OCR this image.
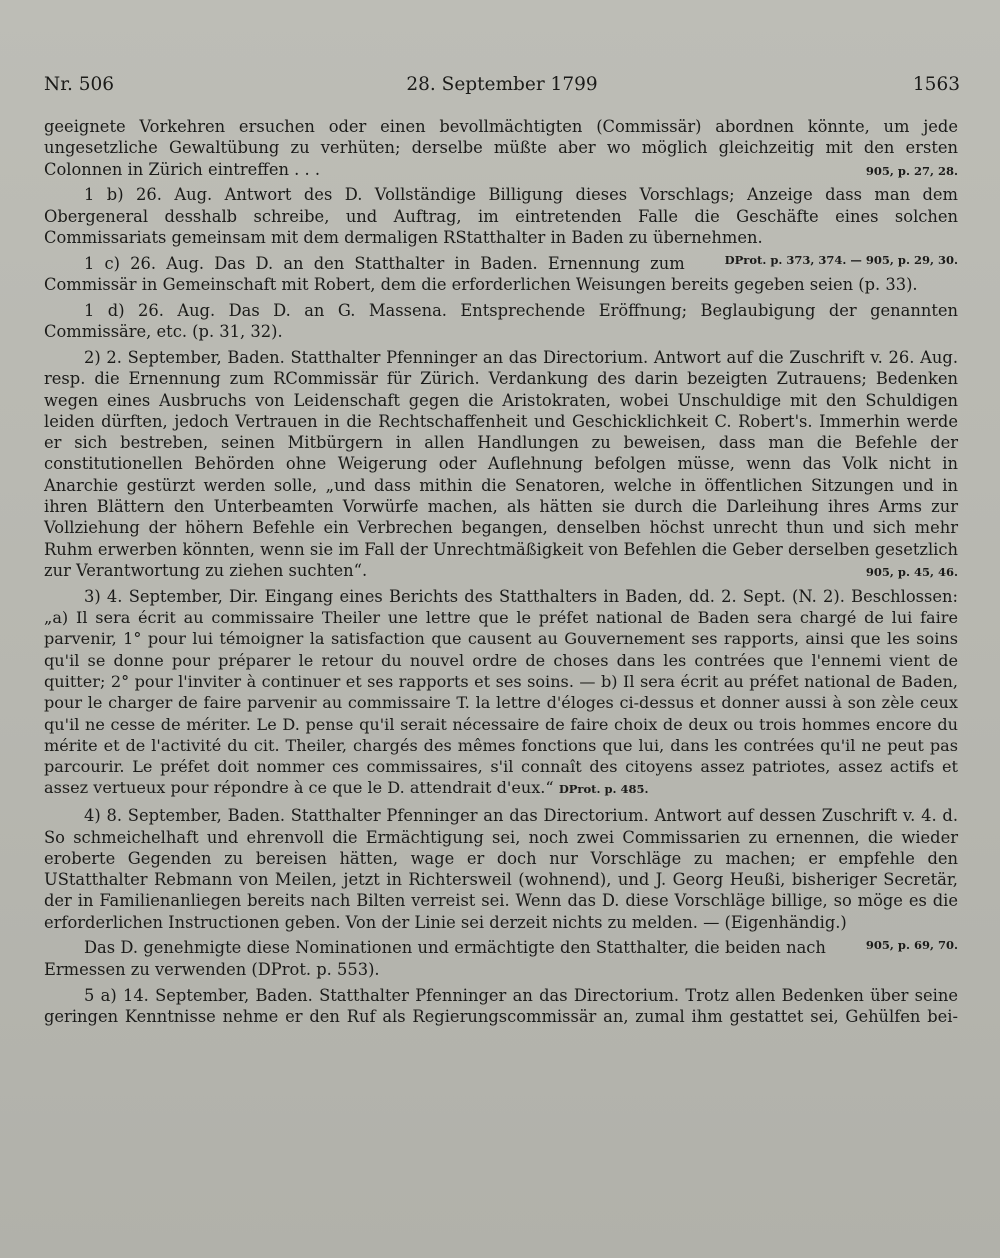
Nr. 506	28. September 1799	1563

geeignete Vorkehren ersuchen oder einen bevollmächtigten (Commissär) abordnen könnte, um jede ungesetzliche Gewaltübung zu verhüten; derselbe müßte aber wo möglich gleichzeitig mit den ersten Colonnen in Zürich eintreffen . . .	905, p. 27, 28.

1 b) 26. Aug. Antwort des D. Vollständige Billigung dieses Vorschlags; Anzeige dass man dem Obergeneral desshalb schreibe, und Auftrag, im eintretenden Falle die Geschäfte eines solchen Commissariats gemeinsam mit dem dermaligen RStatthalter in Baden zu übernehmen.
DProt. p. 373, 374. — 905, p. 29, 30.

1 c) 26. Aug. Das D. an den Statthalter in Baden. Ernennung zum Commissär in Gemeinschaft mit Robert, dem die erforderlichen Weisungen bereits gegeben seien (p. 33).

1 d) 26. Aug. Das D. an G. Massena. Entsprechende Eröffnung; Beglaubigung der genannten Commissäre, etc. (p. 31, 32).

2) 2. September, Baden. Statthalter Pfenninger an das Directorium. Antwort auf die Zuschrift v. 26. Aug. resp. die Ernennung zum RCommissär für Zürich. Verdankung des darin bezeigten Zutrauens; Bedenken wegen eines Ausbruchs von Leidenschaft gegen die Aristokraten, wobei Unschuldige mit den Schuldigen leiden dürften, jedoch Vertrauen in die Rechtschaffenheit und Geschicklichkeit C. Robert's. Immerhin werde er sich bestreben, seinen Mitbürgern in allen Handlungen zu beweisen, dass man die Befehle der constitutionellen Behörden ohne Weigerung oder Auflehnung befolgen müsse, wenn das Volk nicht in Anarchie gestürzt werden solle, „und dass mithin die Senatoren, welche in öffentlichen Sitzungen und in ihren Blättern den Unterbeamten Vorwürfe machen, als hätten sie durch die Darleihung ihres Arms zur Vollziehung der höhern Befehle ein Verbrechen begangen, denselben höchst unrecht thun und sich mehr Ruhm erwerben könnten, wenn sie im Fall der Unrechtmäßigkeit von Befehlen die Geber derselben gesetzlich zur Verantwortung zu ziehen suchten“.	905, p. 45, 46.

3) 4. September, Dir. Eingang eines Berichts des Statthalters in Baden, dd. 2. Sept. (N. 2). Beschlossen: „a) Il sera écrit au commissaire Theiler une lettre que le préfet national de Baden sera chargé de lui faire parvenir, 1° pour lui témoigner la satisfaction que causent au Gouvernement ses rapports, ainsi que les soins qu'il se donne pour préparer le retour du nouvel ordre de choses dans les contrées que l'ennemi vient de quitter; 2° pour l'inviter à continuer et ses rapports et ses soins. — b) Il sera écrit au préfet national de Baden, pour le charger de faire parvenir au commissaire T. la lettre d'éloges ci-dessus et donner aussi à son zèle ceux qu'il ne cesse de mériter. Le D. pense qu'il serait nécessaire de faire choix de deux ou trois hommes encore du mérite et de l'activité du cit. Theiler, chargés des mêmes fonctions que lui, dans les contrées qu'il ne peut pas parcourir. Le préfet doit nommer ces commissaires, s'il connaît des citoyens assez patriotes, assez actifs et assez vertueux pour répondre à ce que le D. attendrait d'eux.“ DProt. p. 485.

4) 8. September, Baden. Statthalter Pfenninger an das Directorium. Antwort auf dessen Zuschrift v. 4. d. So schmeichelhaft und ehrenvoll die Ermächtigung sei, noch zwei Commissarien zu ernennen, die wieder eroberte Gegenden zu bereisen hätten, wage er doch nur Vorschläge zu machen; er empfehle den UStatthalter Rebmann von Meilen, jetzt in Richtersweil (wohnend), und J. Georg Heußi, bisheriger Secretär, der in Familienanliegen bereits nach Bilten verreist sei. Wenn das D. diese Vorschläge billige, so möge es die erforderlichen Instructionen geben. Von der Linie sei derzeit nichts zu melden. — (Eigenhändig.)
905, p. 69, 70.

Das D. genehmigte diese Nominationen und ermächtigte den Statthalter, die beiden nach Ermessen zu verwenden (DProt. p. 553).

5 a) 14. September, Baden. Statthalter Pfenninger an das Directorium. Trotz allen Bedenken über seine geringen Kenntnisse nehme er den Ruf als Regierungscommissär an, zumal ihm gestattet sei, Gehülfen bei-
